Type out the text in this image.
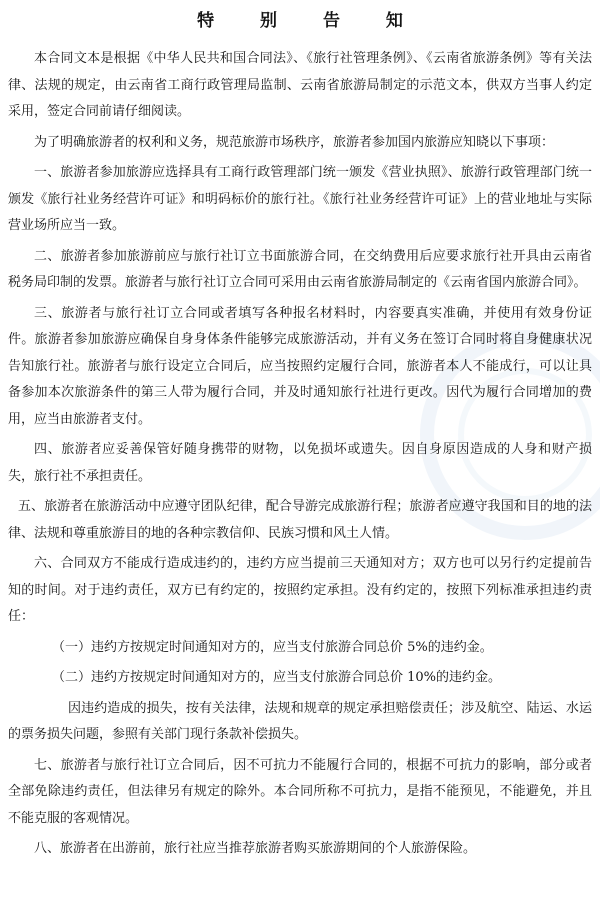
特 别 告 知

本合同文本是根据《中华人民共和国合同法》、《旅行社管理条例》、《云南省旅游条例》等有关法律、法规的规定，由云南省工商行政管理局监制、云南省旅游局制定的示范文本，供双方当事人约定采用，签定合同前请仔细阅读。

为了明确旅游者的权利和义务，规范旅游市场秩序，旅游者参加国内旅游应知晓以下事项：

一、旅游者参加旅游应选择具有工商行政管理部门统一颁发《营业执照》、旅游行政管理部门统一颁发《旅行社业务经营许可证》和明码标价的旅行社。《旅行社业务经营许可证》上的营业地址与实际营业场所应当一致。

二、旅游者参加旅游前应与旅行社订立书面旅游合同，在交纳费用后应要求旅行社开具由云南省税务局印制的发票。旅游者与旅行社订立合同可采用由云南省旅游局制定的《云南省国内旅游合同》。

三、旅游者与旅行社订立合同或者填写各种报名材料时，内容要真实准确，并使用有效身份证件。旅游者参加旅游应确保自身身体条件能够完成旅游活动，并有义务在签订合同时将自身健康状况告知旅行社。旅游者与旅行设定立合同后，应当按照约定履行合同，旅游者本人不能成行，可以让具备参加本次旅游条件的第三人带为履行合同，并及时通知旅行社进行更改。因代为履行合同增加的费用，应当由旅游者支付。

四、旅游者应妥善保管好随身携带的财物，以免损坏或遗失。因自身原因造成的人身和财产损失，旅行社不承担责任。

五、旅游者在旅游活动中应遵守团队纪律，配合导游完成旅游行程；旅游者应遵守我国和目的地的法律、法规和尊重旅游目的地的各种宗教信仰、民族习惯和风土人情。

六、合同双方不能成行造成违约的，违约方应当提前三天通知对方；双方也可以另行约定提前告知的时间。对于违约责任，双方已有约定的，按照约定承担。没有约定的，按照下列标准承担违约责任：

（一）违约方按规定时间通知对方的，应当支付旅游合同总价 5%的违约金。

（二）违约方按规定时间通知对方的，应当支付旅游合同总价 10%的违约金。

因违约造成的损失，按有关法律，法规和规章的规定承担赔偿责任；涉及航空、陆运、水运的票务损失问题，参照有关部门现行条款补偿损失。

七、旅游者与旅行社订立合同后，因不可抗力不能履行合同的，根据不可抗力的影响，部分或者全部免除违约责任，但法律另有规定的除外。本合同所称不可抗力，是指不能预见，不能避免，并且不能克服的客观情况。

八、旅游者在出游前，旅行社应当推荐旅游者购买旅游期间的个人旅游保险。
